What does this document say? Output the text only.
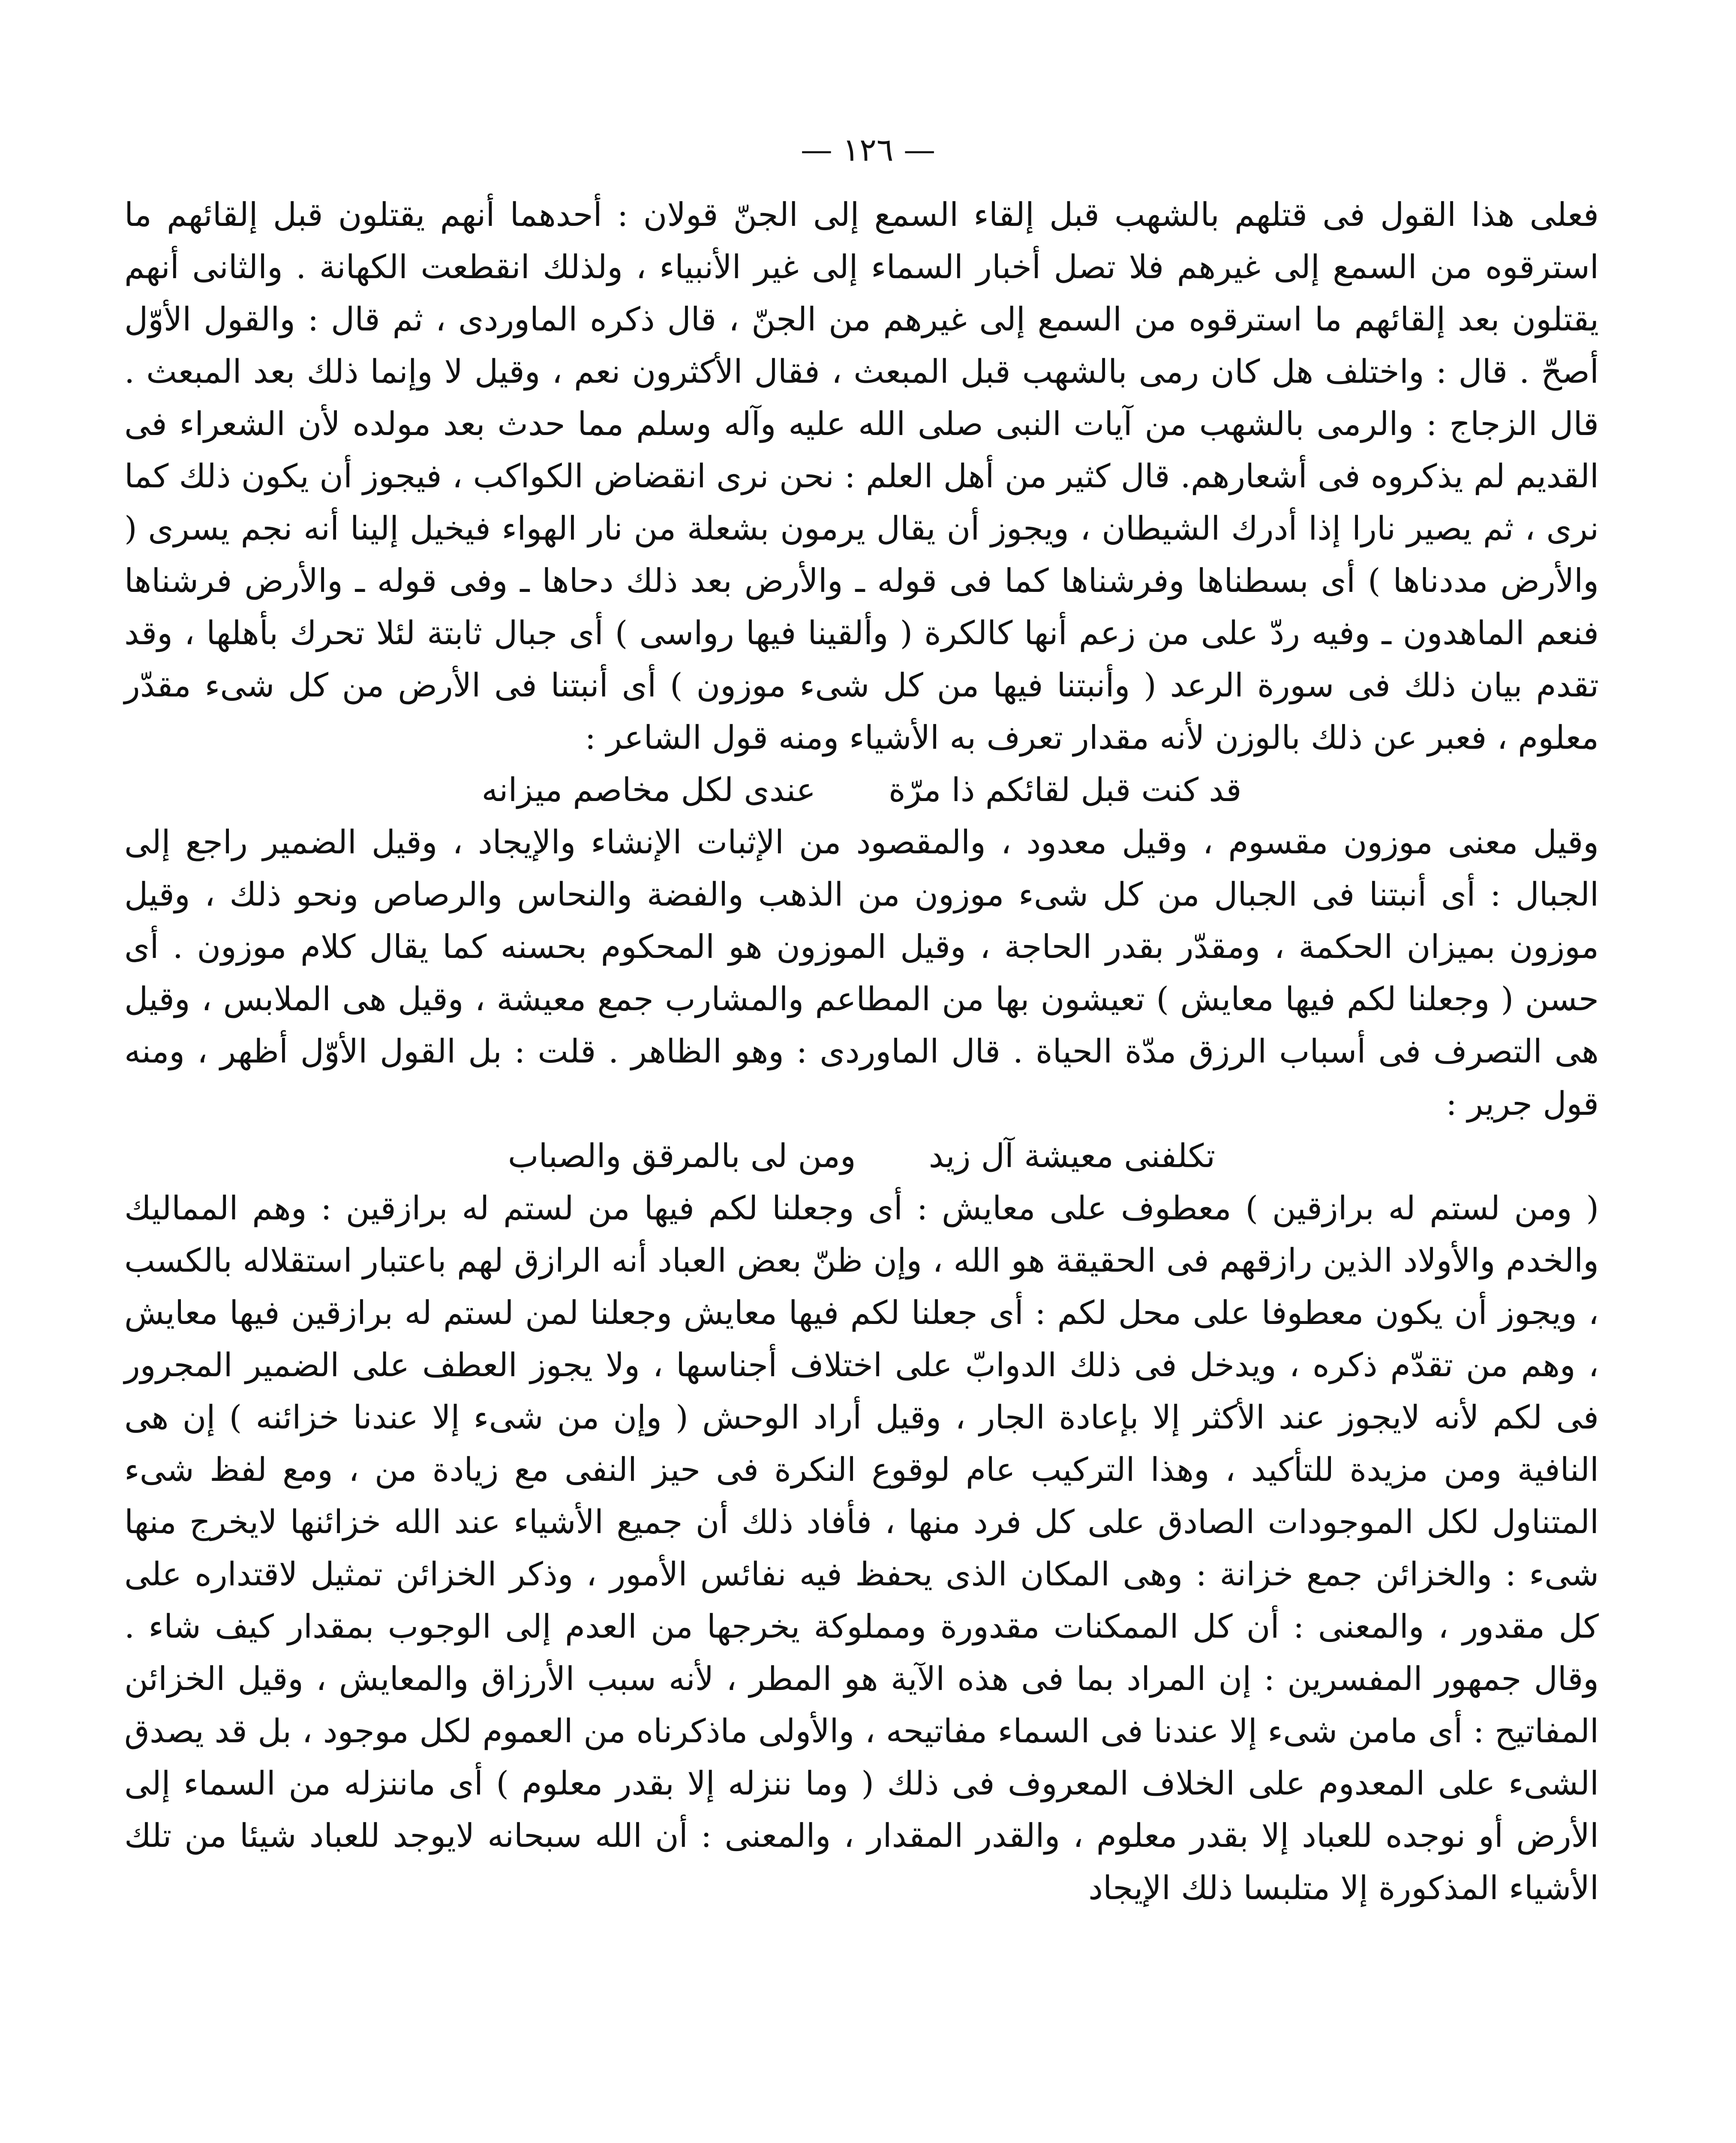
— ١٢٦ —

فعلى هذا القول فى قتلهم بالشهب قبل إلقاء السمع إلى الجنّ قولان : أحدهما أنهم يقتلون قبل إلقائهم ما استرقوه من السمع إلى غيرهم فلا تصل أخبار السماء إلى غير الأنبياء ، ولذلك انقطعت الكهانة . والثانى أنهم يقتلون بعد إلقائهم ما استرقوه من السمع إلى غيرهم من الجنّ ، قال ذكره الماوردى ، ثم قال : والقول الأوّل أصحّ . قال : واختلف هل كان رمى بالشهب قبل المبعث ، فقال الأكثرون نعم ، وقيل لا وإنما ذلك بعد المبعث . قال الزجاج : والرمى بالشهب من آيات النبى صلى الله عليه وآله وسلم مما حدث بعد مولده لأن الشعراء فى القديم لم يذكروه فى أشعارهم. قال كثير من أهل العلم : نحن نرى انقضاض الكواكب ، فيجوز أن يكون ذلك كما نرى ، ثم يصير نارا إذا أدرك الشيطان ، ويجوز أن يقال يرمون بشعلة من نار الهواء فيخيل إلينا أنه نجم يسرى ( والأرض مددناها ) أى بسطناها وفرشناها كما فى قوله ـ والأرض بعد ذلك دحاها ـ وفى قوله ـ والأرض فرشناها فنعم الماهدون ـ وفيه ردّ على من زعم أنها كالكرة ( وألقينا فيها رواسى ) أى جبال ثابتة لئلا تحرك بأهلها ، وقد تقدم بيان ذلك فى سورة الرعد ( وأنبتنا فيها من كل شىء موزون ) أى أنبتنا فى الأرض من كل شىء مقدّر معلوم ، فعبر عن ذلك بالوزن لأنه مقدار تعرف به الأشياء ومنه قول الشاعر :

قد كنت قبل لقائكم ذا مرّة
عندى لكل مخاصم ميزانه

وقيل معنى موزون مقسوم ، وقيل معدود ، والمقصود من الإثبات الإنشاء والإيجاد ، وقيل الضمير راجع إلى الجبال : أى أنبتنا فى الجبال من كل شىء موزون من الذهب والفضة والنحاس والرصاص ونحو ذلك ، وقيل موزون بميزان الحكمة ، ومقدّر بقدر الحاجة ، وقيل الموزون هو المحكوم بحسنه كما يقال كلام موزون . أى حسن ( وجعلنا لكم فيها معايش ) تعيشون بها من المطاعم والمشارب جمع معيشة ، وقيل هى الملابس ، وقيل هى التصرف فى أسباب الرزق مدّة الحياة . قال الماوردى : وهو الظاهر . قلت : بل القول الأوّل أظهر ، ومنه قول جرير :

تكلفنى معيشة آل زيد
ومن لى بالمرقق والصباب

( ومن لستم له برازقين ) معطوف على معايش : أى وجعلنا لكم فيها من لستم له برازقين : وهم المماليك والخدم والأولاد الذين رازقهم فى الحقيقة هو الله ، وإن ظنّ بعض العباد أنه الرازق لهم باعتبار استقلاله بالكسب ، ويجوز أن يكون معطوفا على محل لكم : أى جعلنا لكم فيها معايش وجعلنا لمن لستم له برازقين فيها معايش ، وهم من تقدّم ذكره ، ويدخل فى ذلك الدوابّ على اختلاف أجناسها ، ولا يجوز العطف على الضمير المجرور فى لكم لأنه لايجوز عند الأكثر إلا بإعادة الجار ، وقيل أراد الوحش ( وإن من شىء إلا عندنا خزائنه ) إن هى النافية ومن مزيدة للتأكيد ، وهذا التركيب عام لوقوع النكرة فى حيز النفى مع زيادة من ، ومع لفظ شىء المتناول لكل الموجودات الصادق على كل فرد منها ، فأفاد ذلك أن جميع الأشياء عند الله خزائنها لايخرج منها شىء : والخزائن جمع خزانة : وهى المكان الذى يحفظ فيه نفائس الأمور ، وذكر الخزائن تمثيل لاقتداره على كل مقدور ، والمعنى : أن كل الممكنات مقدورة ومملوكة يخرجها من العدم إلى الوجوب بمقدار كيف شاء . وقال جمهور المفسرين : إن المراد بما فى هذه الآية هو المطر ، لأنه سبب الأرزاق والمعايش ، وقيل الخزائن المفاتيح : أى مامن شىء إلا عندنا فى السماء مفاتيحه ، والأولى ماذكرناه من العموم لكل موجود ، بل قد يصدق الشىء على المعدوم على الخلاف المعروف فى ذلك ( وما ننزله إلا بقدر معلوم ) أى ماننزله من السماء إلى الأرض أو نوجده للعباد إلا بقدر معلوم ، والقدر المقدار ، والمعنى : أن الله سبحانه لايوجد للعباد شيئا من تلك الأشياء المذكورة إلا متلبسا ذلك الإيجاد
